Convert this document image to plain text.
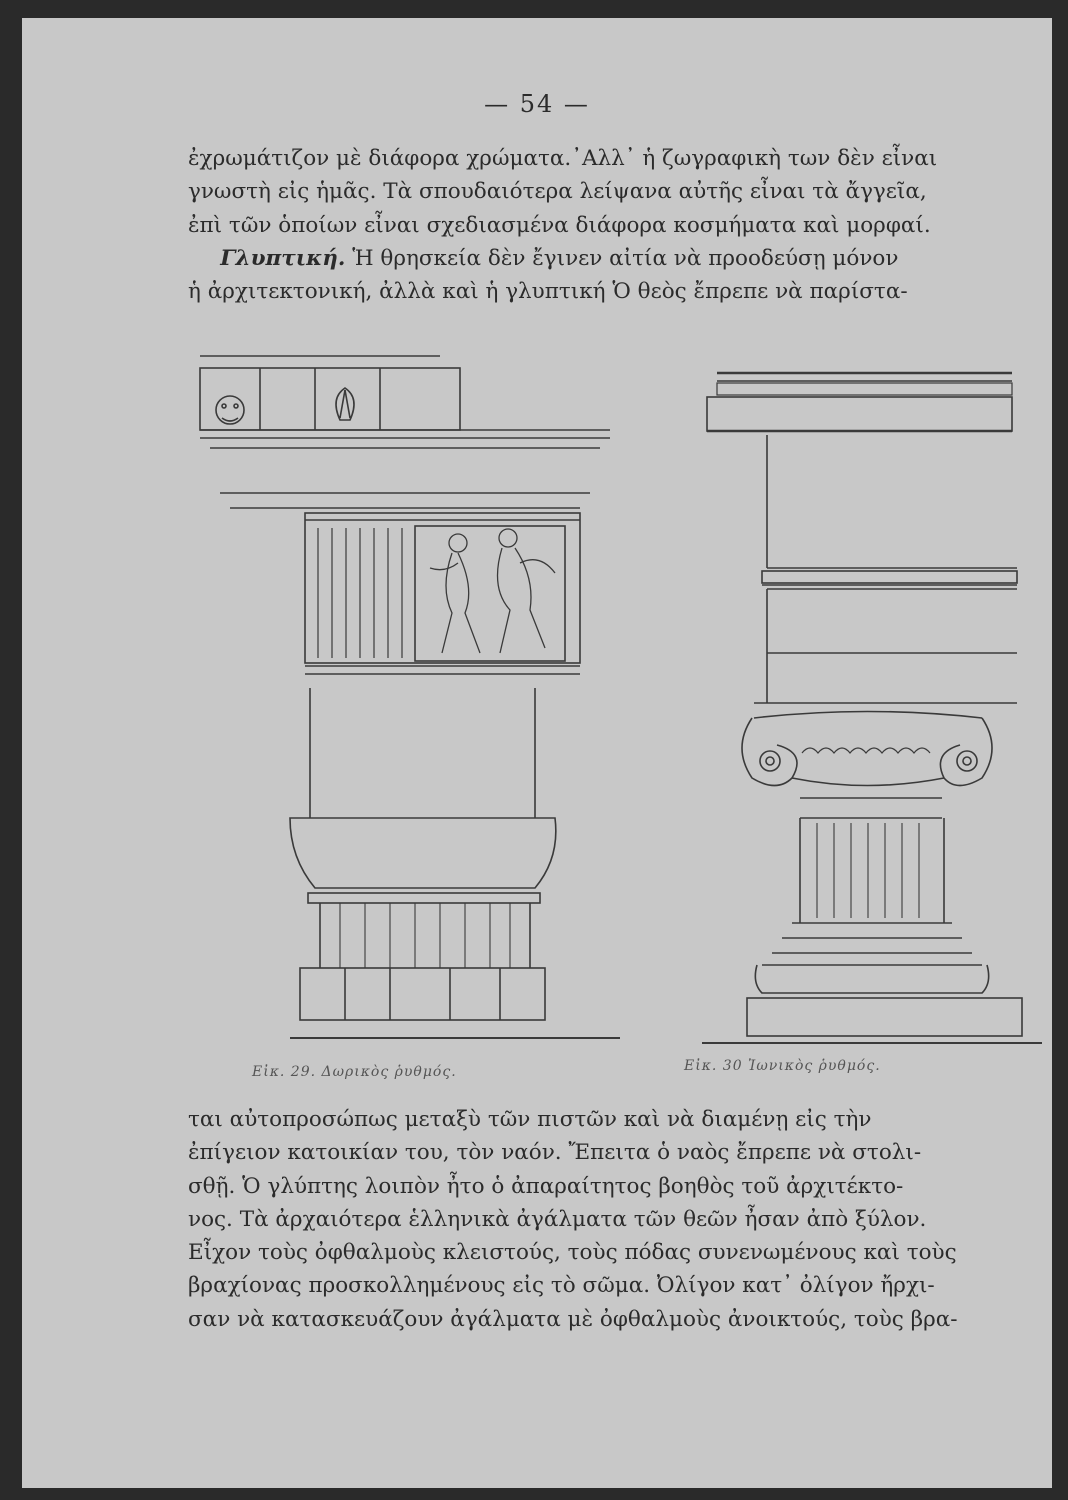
— 54 —
ἐχρωμάτιζον μὲ διάφορα χρώματα.᾽Αλλ᾽ ἡ ζωγραφικὴ των δὲν εἶναι
γνωστὴ εἰς ἡμᾶς. Τὰ σπουδαιότερα λείψανα αὐτῆς εἶναι τὰ ἄγγεῖα,
ἐπὶ τῶν ὁποίων εἶναι σχεδιασμένα διάφορα κοσμήματα καὶ μορφαί.
  Γλυπτική. Ἡ θρησκεία δὲν ἔγινεν αἰτία νὰ προοδεύσῃ μόνον
ἡ ἀρχιτεκτονική, ἀλλὰ καὶ ἡ γλυπτική Ὁ θεὸς ἔπρεπε νὰ παρίστα-
Εἰκ. 29. Δωρικὸς ῥυθμός.	Εἰκ. 30 Ἰωνικὸς ῥυθμός.
ται αὐτοπροσώπως μεταξὺ τῶν πιστῶν καὶ νὰ διαμένῃ εἰς τὴν
ἐπίγειον κατοικίαν του, τὸν ναόν. Ἔπειτα ὁ ναὸς ἔπρεπε νὰ στολι-
σθῇ. Ὁ γλύπτης λοιπὸν ἦτο ὁ ἀπαραίτητος βοηθὸς τοῦ ἀρχιτέκτο-
νος. Τὰ ἀρχαιότερα ἑλληνικὰ ἀγάλματα τῶν θεῶν ἦσαν ἀπὸ ξύλον.
Εἶχον τοὺς ὀφθαλμοὺς κλειστούς, τοὺς πόδας συνενωμένους καὶ τοὺς
βραχίονας προσκολλημένους εἰς τὸ σῶμα. Ὀλίγον κατ᾽ ὀλίγον ἤρχι-
σαν νὰ κατασκευάζουν ἀγάλματα μὲ ὀφθαλμοὺς ἀνοικτούς, τοὺς βρα-
